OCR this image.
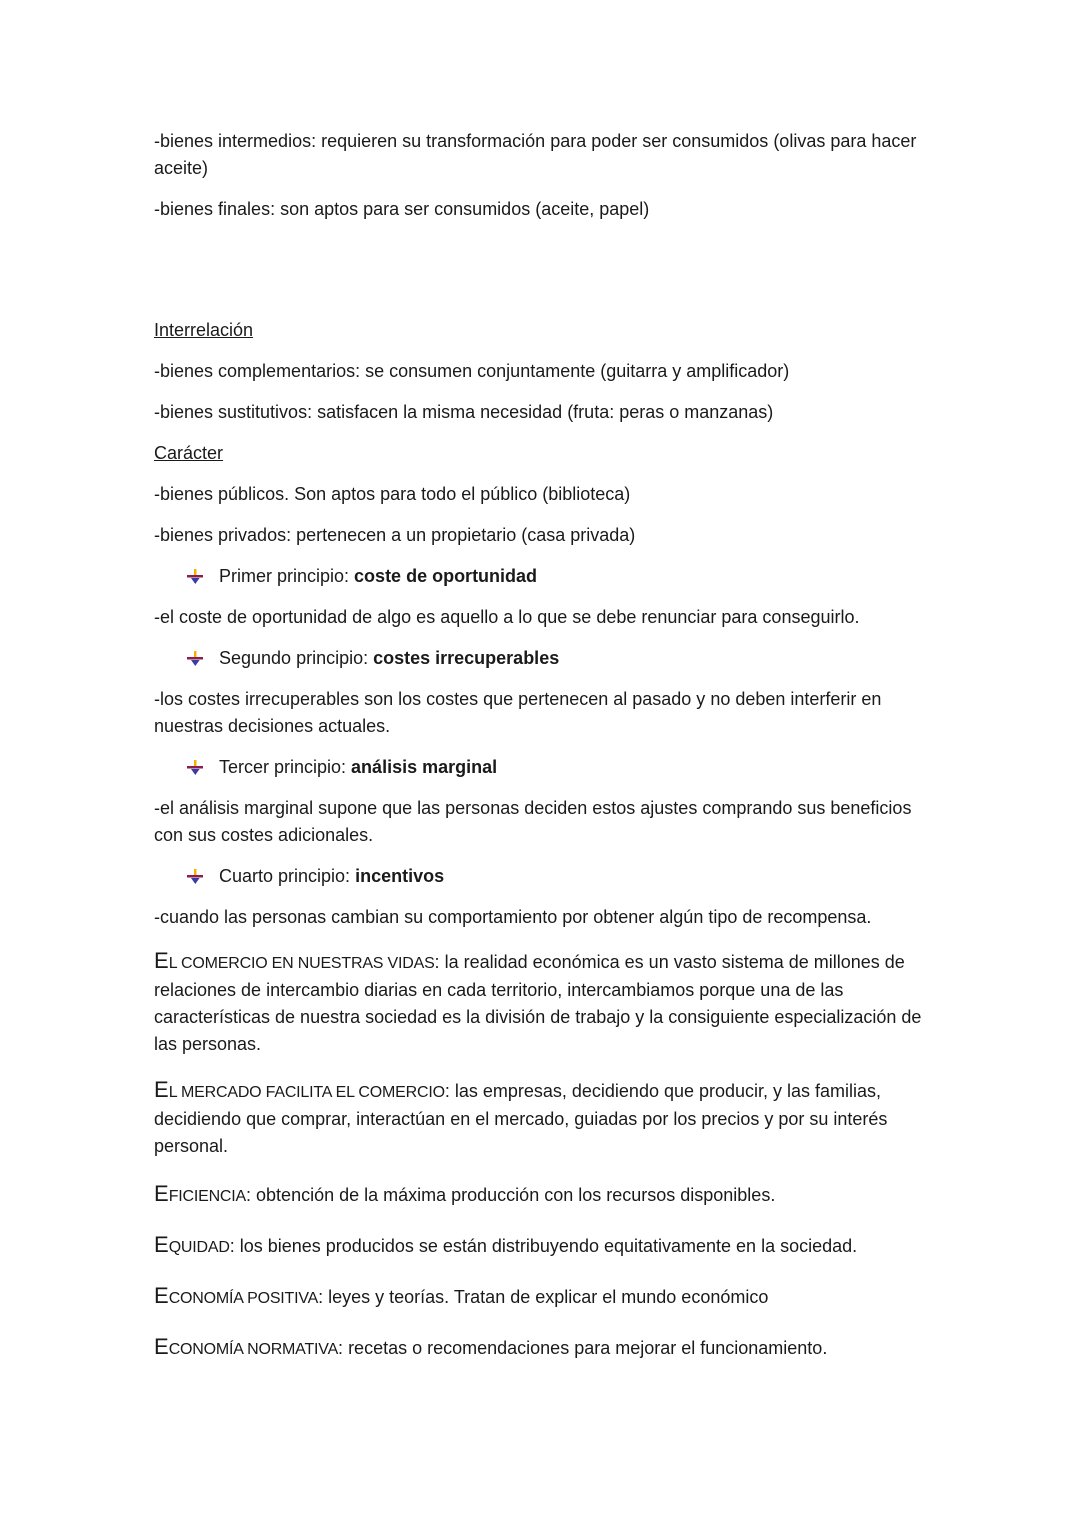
-bienes intermedios: requieren su transformación para poder ser consumidos (olivas para hacer aceite)

-bienes finales: son aptos para ser consumidos (aceite, papel)

Interrelación

-bienes complementarios: se consumen conjuntamente (guitarra y amplificador)

-bienes sustitutivos: satisfacen la misma necesidad (fruta: peras o manzanas)

Carácter

-bienes públicos. Son aptos para todo el público (biblioteca)

-bienes privados: pertenecen a un propietario (casa privada)

Primer principio: coste de oportunidad

-el coste de oportunidad de algo es aquello a lo que se debe renunciar para conseguirlo.

Segundo principio: costes irrecuperables

-los costes irrecuperables son los costes que pertenecen al pasado y no deben interferir en nuestras decisiones actuales.

Tercer principio: análisis marginal

-el análisis marginal supone que las personas deciden estos ajustes comprando sus beneficios con sus costes adicionales.

Cuarto principio: incentivos

-cuando las personas cambian su comportamiento por obtener algún tipo de recompensa.

EL COMERCIO EN NUESTRAS VIDAS: la realidad económica es un vasto sistema de millones de relaciones de intercambio diarias en cada territorio, intercambiamos porque una de las características de nuestra sociedad es la división de trabajo y la consiguiente especialización de las personas.

EL MERCADO FACILITA EL COMERCIO: las empresas, decidiendo que producir, y las familias, decidiendo que comprar, interactúan en el mercado, guiadas por los precios y por su interés personal.

EFICIENCIA: obtención de la máxima producción con los recursos disponibles.

EQUIDAD: los bienes producidos se están distribuyendo equitativamente en la sociedad.

ECONOMÍA POSITIVA: leyes y teorías. Tratan de explicar el mundo económico

ECONOMÍA NORMATIVA: recetas o recomendaciones para mejorar el funcionamiento.
